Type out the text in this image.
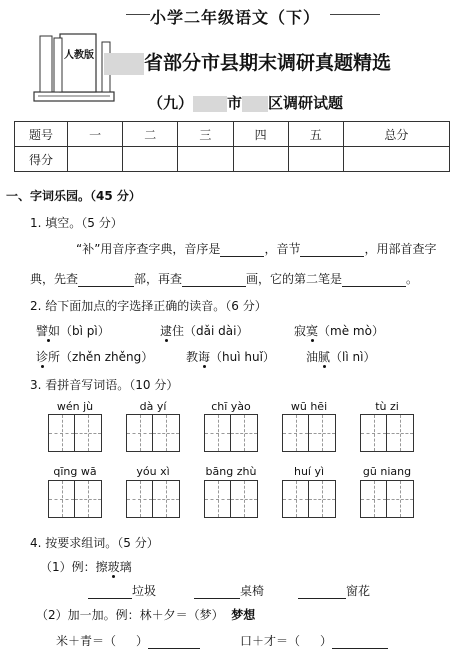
人教版
小学二年级语文（下）
省部分市县期末调研真题精选
（九） 市 区调研试题
题号	一	二	三	四	五	总分
得分						
一、字词乐园。（45 分）
1. 填空。（5 分）
“补”用音序查字典，音序是	，音节	，用部首查字
典，先查	部，再查	画，它的第二笔是	。
2. 给下面加点的字选择正确的读音。（6 分）
譬如（bì pì）	逮住（dǎi dài）	寂寞（mè mò）
诊所（zhěn zhěng）	教诲（huì huǐ）	油腻（lì nì）
3. 看拼音写词语。（10 分）
wén jù	dà yí	chī yào	wū hēi	tù zi
qīng wā	yóu xì	bāng zhù	huí yì	gū niang
4. 按要求组词。（5 分）
（1）例：擦玻璃
垃圾	桌椅	窗花
（2）加一加。例：林＋夕＝（梦） 梦想
米＋青＝（ ）	口＋才＝（ ）
